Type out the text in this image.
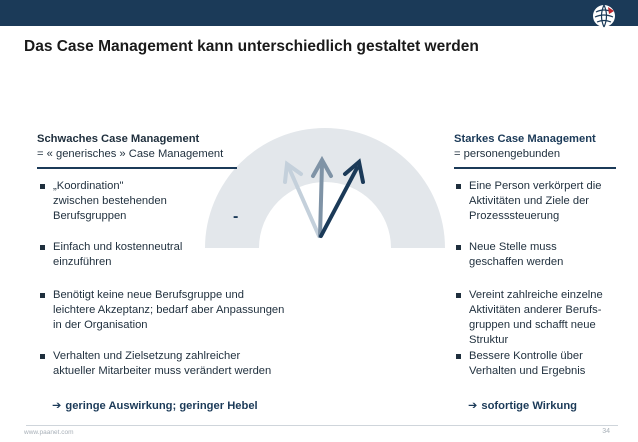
Das Case Management kann unterschiedlich gestaltet werden
-
Schwaches Case Management
= « generisches » Case Management
„Koordination"
zwischen bestehenden
Berufsgruppen
Einfach und kostenneutral
einzuführen
Benötigt keine neue Berufsgruppe und
leichtere Akzeptanz; bedarf aber Anpassungen
in der Organisation
Verhalten und Zielsetzung zahlreicher
aktueller Mitarbeiter muss verändert werden
➔ geringe Auswirkung; geringer Hebel
Starkes Case Management
= personengebunden
Eine Person verkörpert die
Aktivitäten und Ziele der
Prozesssteuerung
Neue Stelle muss
geschaffen werden
Vereint zahlreiche einzelne
Aktivitäten anderer Berufs-
gruppen und schafft neue
Struktur
Bessere Kontrolle über
Verhalten und Ergebnis
➔ sofortige Wirkung
www.paanet.com	34
